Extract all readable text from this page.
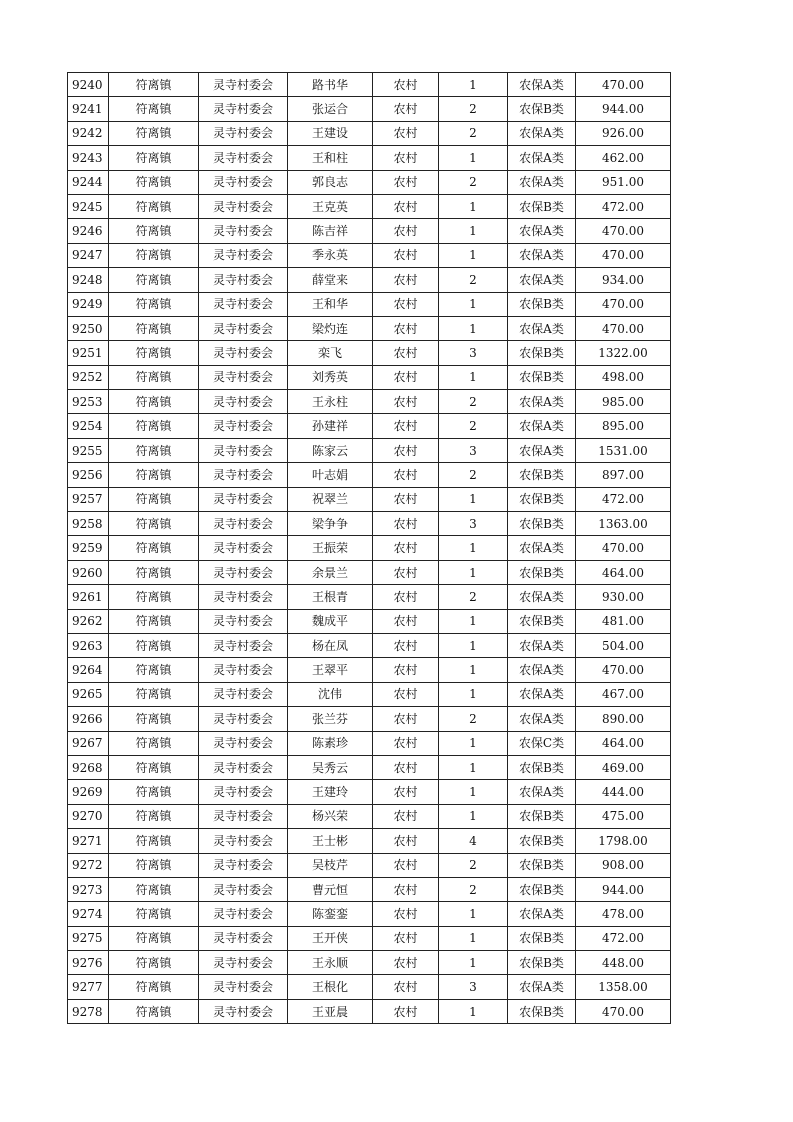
9240	符离镇	灵寺村委会	路书华	农村	1	农保A类	470.00
9241	符离镇	灵寺村委会	张运合	农村	2	农保B类	944.00
9242	符离镇	灵寺村委会	王建设	农村	2	农保A类	926.00
9243	符离镇	灵寺村委会	王和柱	农村	1	农保A类	462.00
9244	符离镇	灵寺村委会	郭良志	农村	2	农保A类	951.00
9245	符离镇	灵寺村委会	王克英	农村	1	农保B类	472.00
9246	符离镇	灵寺村委会	陈吉祥	农村	1	农保A类	470.00
9247	符离镇	灵寺村委会	季永英	农村	1	农保A类	470.00
9248	符离镇	灵寺村委会	薛堂来	农村	2	农保A类	934.00
9249	符离镇	灵寺村委会	王和华	农村	1	农保B类	470.00
9250	符离镇	灵寺村委会	梁灼连	农村	1	农保A类	470.00
9251	符离镇	灵寺村委会	栾飞	农村	3	农保B类	1322.00
9252	符离镇	灵寺村委会	刘秀英	农村	1	农保B类	498.00
9253	符离镇	灵寺村委会	王永柱	农村	2	农保A类	985.00
9254	符离镇	灵寺村委会	孙建祥	农村	2	农保A类	895.00
9255	符离镇	灵寺村委会	陈家云	农村	3	农保A类	1531.00
9256	符离镇	灵寺村委会	叶志娟	农村	2	农保B类	897.00
9257	符离镇	灵寺村委会	祝翠兰	农村	1	农保B类	472.00
9258	符离镇	灵寺村委会	梁争争	农村	3	农保B类	1363.00
9259	符离镇	灵寺村委会	王振荣	农村	1	农保A类	470.00
9260	符离镇	灵寺村委会	余景兰	农村	1	农保B类	464.00
9261	符离镇	灵寺村委会	王根青	农村	2	农保A类	930.00
9262	符离镇	灵寺村委会	魏成平	农村	1	农保B类	481.00
9263	符离镇	灵寺村委会	杨在凤	农村	1	农保A类	504.00
9264	符离镇	灵寺村委会	王翠平	农村	1	农保A类	470.00
9265	符离镇	灵寺村委会	沈伟	农村	1	农保A类	467.00
9266	符离镇	灵寺村委会	张兰芬	农村	2	农保A类	890.00
9267	符离镇	灵寺村委会	陈素珍	农村	1	农保C类	464.00
9268	符离镇	灵寺村委会	吴秀云	农村	1	农保B类	469.00
9269	符离镇	灵寺村委会	王建玲	农村	1	农保A类	444.00
9270	符离镇	灵寺村委会	杨兴荣	农村	1	农保B类	475.00
9271	符离镇	灵寺村委会	王士彬	农村	4	农保B类	1798.00
9272	符离镇	灵寺村委会	吴枝芹	农村	2	农保B类	908.00
9273	符离镇	灵寺村委会	曹元恒	农村	2	农保B类	944.00
9274	符离镇	灵寺村委会	陈銮銮	农村	1	农保A类	478.00
9275	符离镇	灵寺村委会	王开侠	农村	1	农保B类	472.00
9276	符离镇	灵寺村委会	王永顺	农村	1	农保B类	448.00
9277	符离镇	灵寺村委会	王根化	农村	3	农保A类	1358.00
9278	符离镇	灵寺村委会	王亚晨	农村	1	农保B类	470.00
